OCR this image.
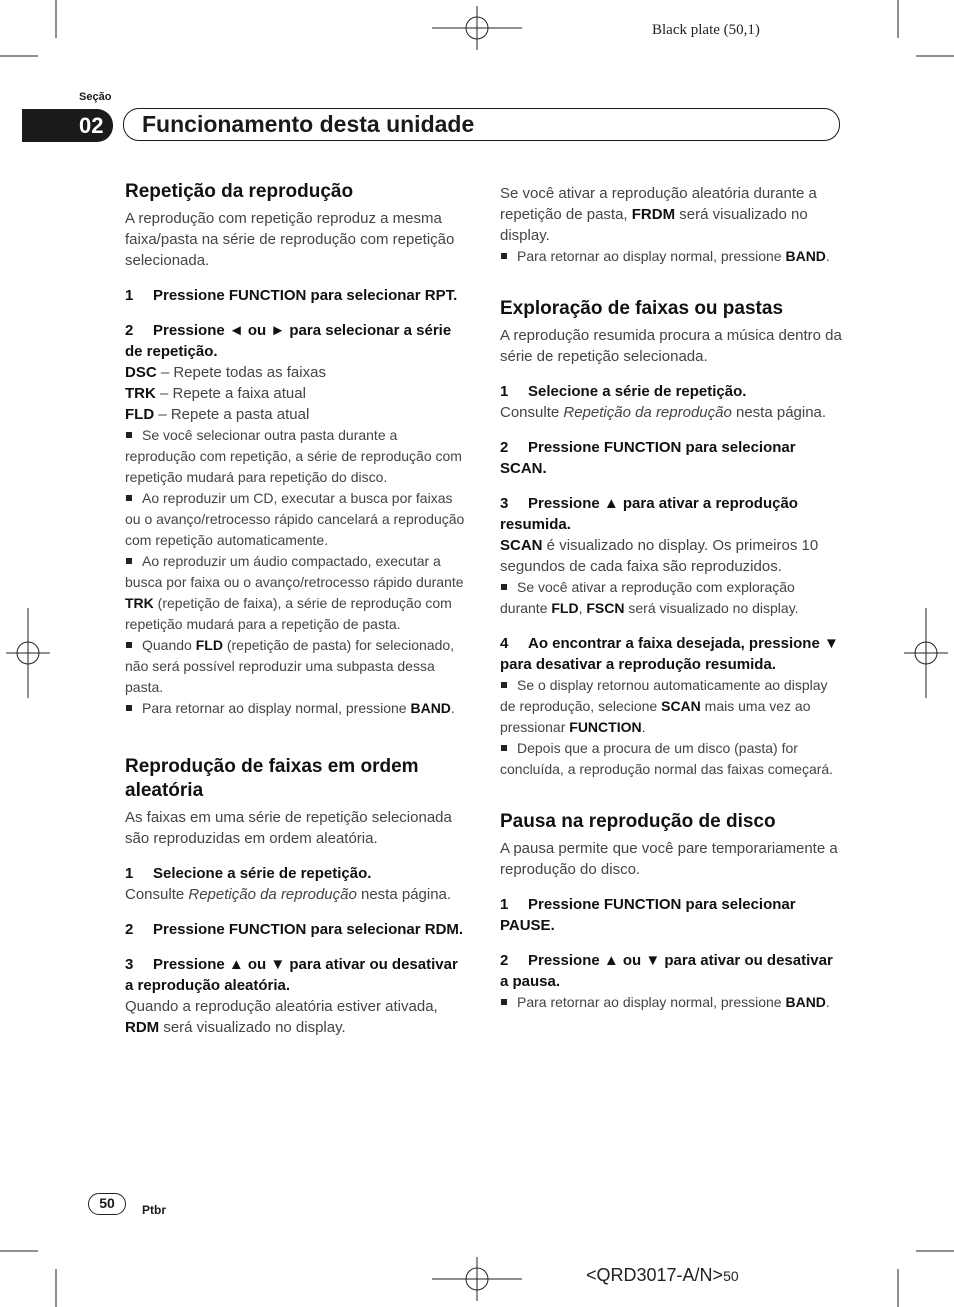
Black plate (50,1)
Seção
02	Funcionamento desta unidade
Repetição da reprodução

A reprodução com repetição reproduz a mesma faixa/pasta na série de reprodução com repetição selecionada.

1 Pressione FUNCTION para selecionar RPT.

2 Pressione ◄ ou ► para selecionar a série de repetição.

DSC – Repete todas as faixas

TRK – Repete a faixa atual

FLD – Repete a pasta atual

Se você selecionar outra pasta durante a reprodução com repetição, a série de reprodução com repetição mudará para repetição do disco.

Ao reproduzir um CD, executar a busca por faixas ou o avanço/retrocesso rápido cancelará a reprodução com repetição automaticamente.

Ao reproduzir um áudio compactado, executar a busca por faixa ou o avanço/retrocesso rápido durante TRK (repetição de faixa), a série de reprodução com repetição mudará para a repetição de pasta.

Quando FLD (repetição de pasta) for selecionado, não será possível reproduzir uma subpasta dessa pasta.

Para retornar ao display normal, pressione BAND.

Reprodução de faixas em ordem aleatória

As faixas em uma série de repetição selecionada são reproduzidas em ordem aleatória.

1 Selecione a série de repetição.

Consulte Repetição da reprodução nesta página.

2 Pressione FUNCTION para selecionar RDM.

3 Pressione ▲ ou ▼ para ativar ou desativar a reprodução aleatória.

Quando a reprodução aleatória estiver ativada, RDM será visualizado no display.

Se você ativar a reprodução aleatória durante a repetição de pasta, FRDM será visualizado no display.

Para retornar ao display normal, pressione BAND.

Exploração de faixas ou pastas

A reprodução resumida procura a música dentro da série de repetição selecionada.

1 Selecione a série de repetição.

Consulte Repetição da reprodução nesta página.

2 Pressione FUNCTION para selecionar SCAN.

3 Pressione ▲ para ativar a reprodução resumida.

SCAN é visualizado no display. Os primeiros 10 segundos de cada faixa são reproduzidos.

Se você ativar a reprodução com exploração durante FLD, FSCN será visualizado no display.

4 Ao encontrar a faixa desejada, pressione ▼ para desativar a reprodução resumida.

Se o display retornou automaticamente ao display de reprodução, selecione SCAN mais uma vez ao pressionar FUNCTION.

Depois que a procura de um disco (pasta) for concluída, a reprodução normal das faixas começará.

Pausa na reprodução de disco

A pausa permite que você pare temporariamente a reprodução do disco.

1 Pressione FUNCTION para selecionar PAUSE.

2 Pressione ▲ ou ▼ para ativar ou desativar a pausa.

Para retornar ao display normal, pressione BAND.

50	Ptbr
<QRD3017-A/N>50
